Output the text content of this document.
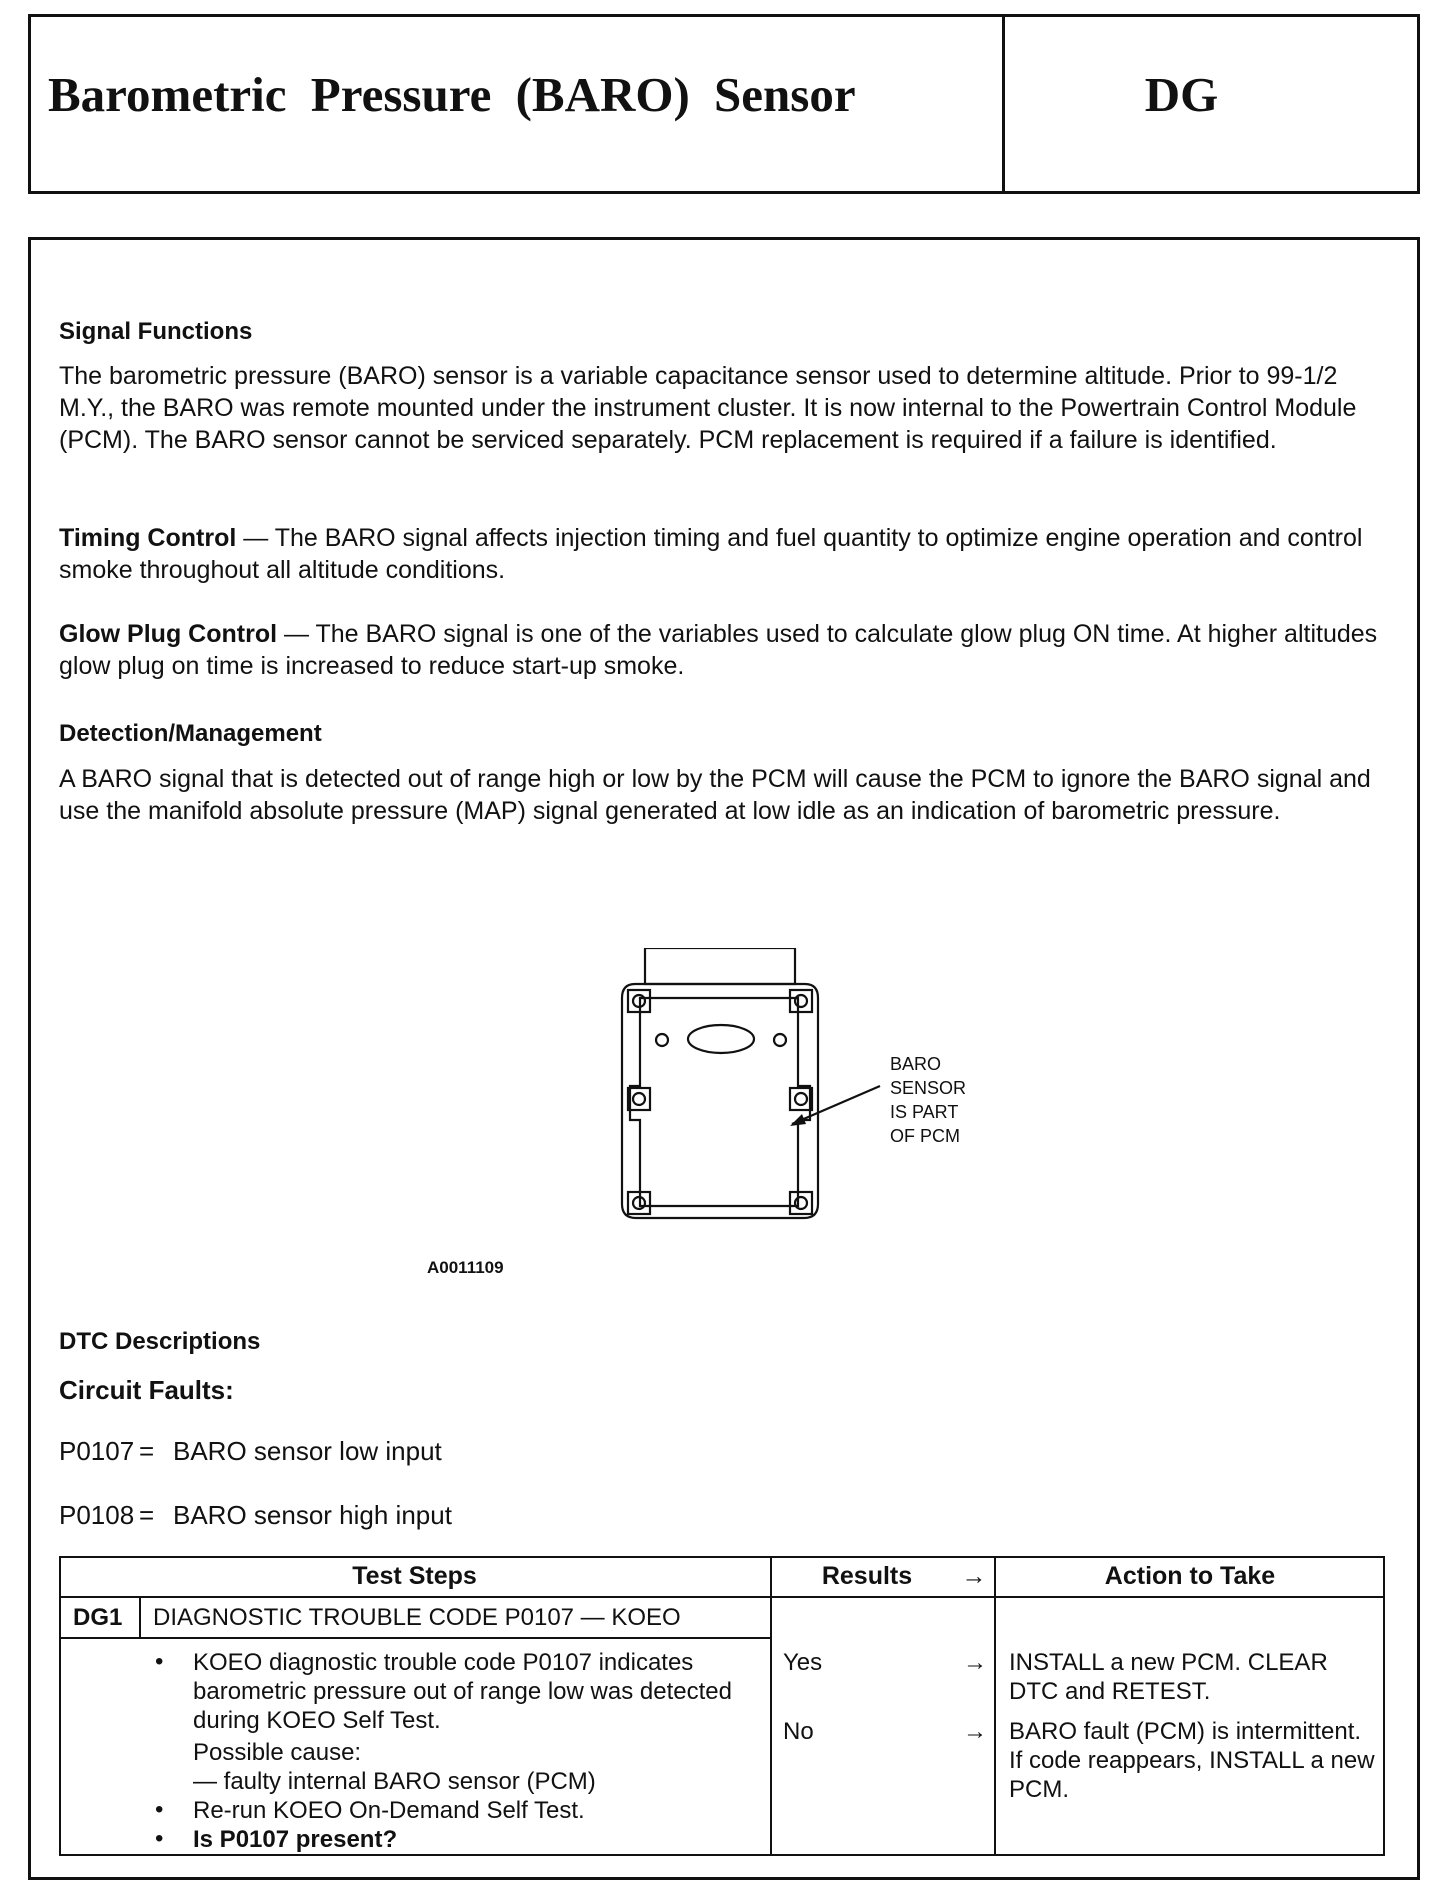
Barometric Pressure (BARO) Sensor	DG
Signal Functions
The barometric pressure (BARO) sensor is a variable capacitance sensor used to determine altitude. Prior to 99-1/2 M.Y., the BARO was remote mounted under the instrument cluster. It is now internal to the Powertrain Control Module (PCM). The BARO sensor cannot be serviced separately. PCM replacement is required if a failure is identified.
Timing Control — The BARO signal affects injection timing and fuel quantity to optimize engine operation and control smoke throughout all altitude conditions.
Glow Plug Control — The BARO signal is one of the variables used to calculate glow plug ON time. At higher altitudes glow plug on time is increased to reduce start-up smoke.
Detection/Management
A BARO signal that is detected out of range high or low by the PCM will cause the PCM to ignore the BARO signal and use the manifold absolute pressure (MAP) signal generated at low idle as an indication of barometric pressure.
BARO
SENSOR
IS PART
OF PCM
A0011109
DTC Descriptions
Circuit Faults:
P0107 = BARO sensor low input
P0108 = BARO sensor high input
Test Steps	Results	→	Action to Take
DG1 DIAGNOSTIC TROUBLE CODE P0107 — KOEO
• KOEO diagnostic trouble code P0107 indicates barometric pressure out of range low was detected during KOEO Self Test.
Possible cause:
— faulty internal BARO sensor (PCM)
• Re-run KOEO On-Demand Self Test.
• Is P0107 present?
Yes	→ INSTALL a new PCM. CLEAR DTC and RETEST.
No	→ BARO fault (PCM) is intermittent. If code reappears, INSTALL a new PCM.
